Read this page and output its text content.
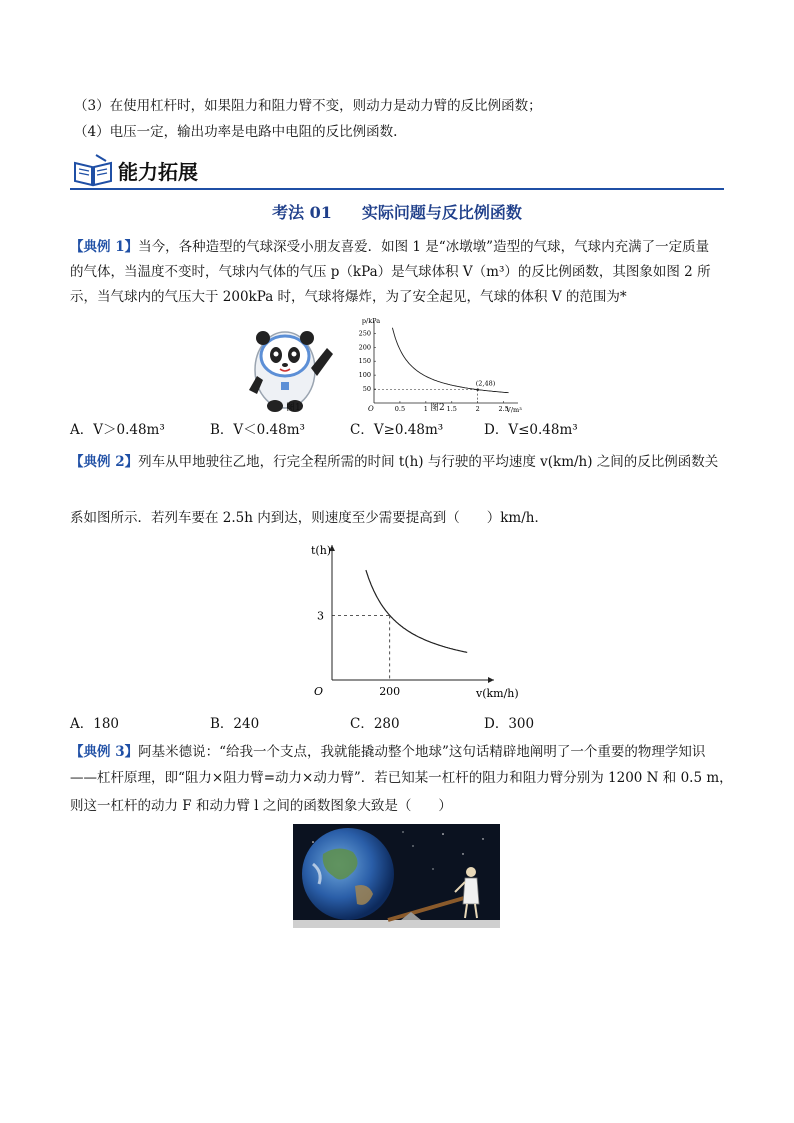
（3）在使用杠杆时，如果阻力和阻力臂不变，则动力是动力臂的反比例函数；
（4）电压一定，输出功率是电路中电阻的反比例函数.
能力拓展
考法 01 实际问题与反比例函数
【典例 1】当今，各种造型的气球深受小朋友喜爱．如图 1 是“冰墩墩”造型的气球，气球内充满了一定质量
的气体，当温度不变时，气球内气体的气压 p（kPa）是气球体积 V（m³）的反比例函数，其图象如图 2 所
示，当气球内的气压大于 200kPa 时，气球将爆炸，为了安全起见，气球的体积 V 的范围为*
图1
p/kPa
V/m³
O	0.5	1	1.5	2	2.5
50
100
150
200
250
(2,48)
图2
A．V＞0.48m³	B．V＜0.48m³	C．V≥0.48m³	D．V≤0.48m³
【典例 2】列车从甲地驶往乙地，行完全程所需的时间 t(h) 与行驶的平均速度 v(km/h) 之间的反比例函数关
系如图所示．若列车要在 2.5h 内到达，则速度至少需要提高到（　　）km/h．
t(h)
v(km/h)
O	200
3
A．180	B．240	C．280	D．300
【典例 3】阿基米德说：“给我一个支点，我就能撬动整个地球”这句话精辟地阐明了一个重要的物理学知识
——杠杆原理，即“阻力×阻力臂=动力×动力臂”．若已知某一杠杆的阻力和阻力臂分别为 1200 N 和 0.5 m，
则这一杠杆的动力 F 和动力臂 l 之间的函数图象大致是（　　）
